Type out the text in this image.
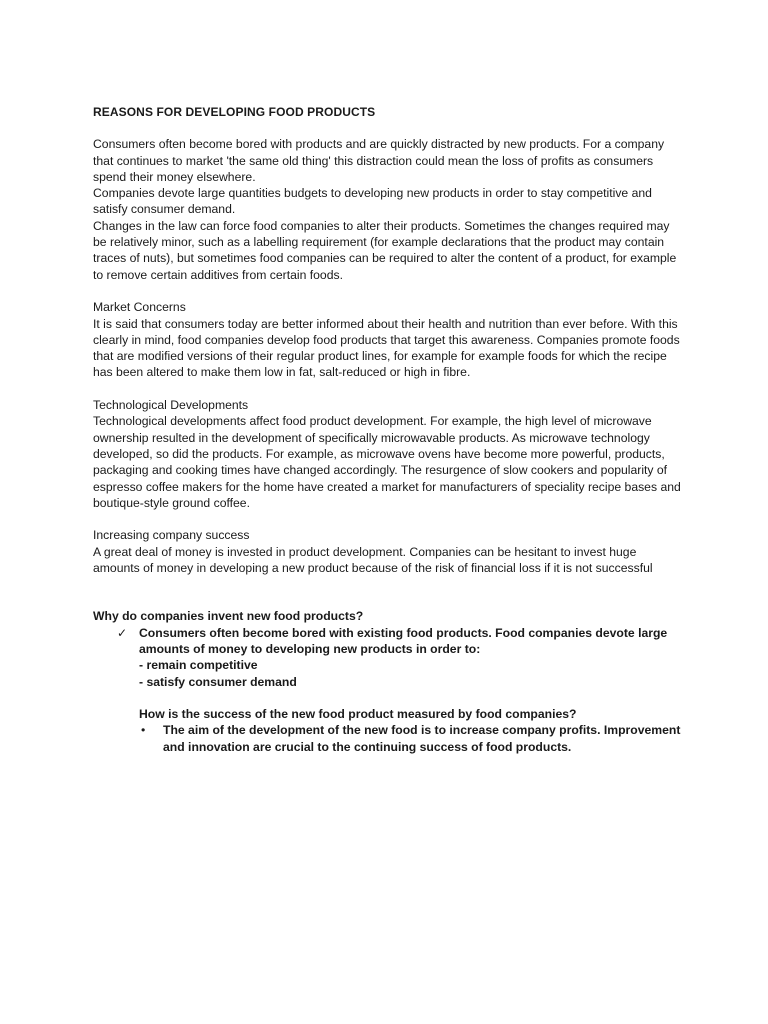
REASONS FOR DEVELOPING FOOD PRODUCTS

Consumers often become bored with products and are quickly distracted by new products. For a company that continues to market 'the same old thing' this distraction could mean the loss of profits as consumers spend their money elsewhere.

Companies devote large quantities budgets to developing new products in order to stay competitive and satisfy consumer demand.

Changes in the law can force food companies to alter their products. Sometimes the changes required may be relatively minor, such as a labelling requirement (for example declarations that the product may contain traces of nuts), but sometimes food companies can be required to alter the content of a product, for example to remove certain additives from certain foods.

Market Concerns

It is said that consumers today are better informed about their health and nutrition than ever before. With this clearly in mind, food companies develop food products that target this awareness. Companies promote foods that are modified versions of their regular product lines, for example for example foods for which the recipe has been altered to make them low in fat, salt-reduced or high in fibre.

Technological Developments

Technological developments affect food product development. For example, the high level of microwave ownership resulted in the development of specifically microwavable products. As microwave technology developed, so did the products. For example, as microwave ovens have become more powerful, products, packaging and cooking times have changed accordingly. The resurgence of slow cookers and popularity of espresso coffee makers for the home have created a market for manufacturers of speciality recipe bases and boutique-style ground coffee.

Increasing company success

A great deal of money is invested in product development. Companies can be hesitant to invest huge amounts of money in developing a new product because of the risk of financial loss if it is not successful

Why do companies invent new food products?

✓ Consumers often become bored with existing food products. Food companies devote large amounts of money to developing new products in order to:
- remain competitive
- satisfy consumer demand

How is the success of the new food product measured by food companies?

• The aim of the development of the new food is to increase company profits. Improvement and innovation are crucial to the continuing success of food products.
